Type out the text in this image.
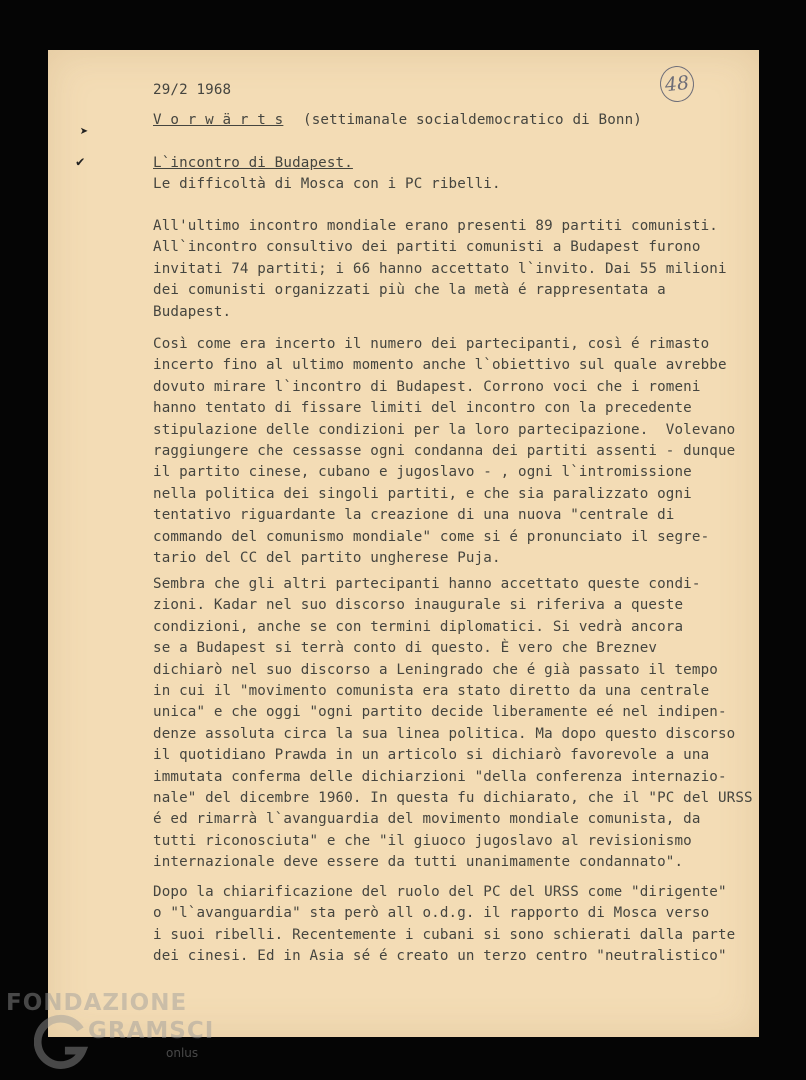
48
➤
✔
29/2 1968
V o r w ä r t s (settimanale socialdemocratico di Bonn)
L`incontro di Budapest.
Le difficoltà di Mosca con i PC ribelli.
All'ultimo incontro mondiale erano presenti 89 partiti comunisti.
All`incontro consultivo dei partiti comunisti a Budapest furono
invitati 74 partiti; i 66 hanno accettato l`invito. Dai 55 milioni
dei comunisti organizzati più che la metà é rappresentata a
Budapest.
Così come era incerto il numero dei partecipanti, così é rimasto
incerto fino al ultimo momento anche l`obiettivo sul quale avrebbe
dovuto mirare l`incontro di Budapest. Corrono voci che i romeni
hanno tentato di fissare limiti del incontro con la precedente
stipulazione delle condizioni per la loro partecipazione.  Volevano
raggiungere che cessasse ogni condanna dei partiti assenti - dunque
il partito cinese, cubano e jugoslavo - , ogni l`intromissione
nella politica dei singoli partiti, e che sia paralizzato ogni
tentativo riguardante la creazione di una nuova "centrale di
commando del comunismo mondiale" come si é pronunciato il segre-
tario del CC del partito ungherese Puja.
Sembra che gli altri partecipanti hanno accettato queste condi-
zioni. Kadar nel suo discorso inaugurale si riferiva a queste
condizioni, anche se con termini diplomatici. Si vedrà ancora
se a Budapest si terrà conto di questo. È vero che Breznev
dichiarò nel suo discorso a Leningrado che é già passato il tempo
in cui il "movimento comunista era stato diretto da una centrale
unica" e che oggi "ogni partito decide liberamente eé nel indipen-
denze assoluta circa la sua linea politica. Ma dopo questo discorso
il quotidiano Prawda in un articolo si dichiarò favorevole a una
immutata conferma delle dichiarzioni "della conferenza internazio-
nale" del dicembre 1960. In questa fu dichiarato, che il "PC del URSS
é ed rimarrà l`avanguardia del movimento mondiale comunista, da
tutti riconosciuta" e che "il giuoco jugoslavo al revisionismo
internazionale deve essere da tutti unanimamente condannato".
Dopo la chiarificazione del ruolo del PC del URSS come "dirigente"
o "l`avanguardia" sta però all o.d.g. il rapporto di Mosca verso
i suoi ribelli. Recentemente i cubani si sono schierati dalla parte
dei cinesi. Ed in Asia sé é creato un terzo centro "neutralistico"
FONDAZIONE
GRAMSCI
onlus
